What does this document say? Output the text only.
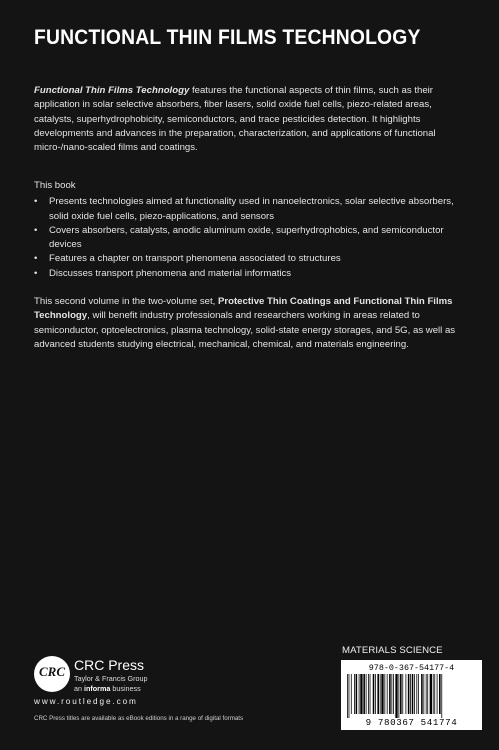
FUNCTIONAL THIN FILMS TECHNOLOGY
Functional Thin Films Technology features the functional aspects of thin films, such as their application in solar selective absorbers, fiber lasers, solid oxide fuel cells, piezo-related areas, catalysts, superhydrophobicity, semiconductors, and trace pesticides detection. It highlights developments and advances in the preparation, characterization, and applications of functional micro-/nano-scaled films and coatings.
This book
• Presents technologies aimed at functionality used in nanoelectronics, solar selective absorbers, solid oxide fuel cells, piezo-applications, and sensors
• Covers absorbers, catalysts, anodic aluminum oxide, superhydrophobics, and semiconductor devices
• Features a chapter on transport phenomena associated to structures
• Discusses transport phenomena and material informatics
This second volume in the two-volume set, Protective Thin Coatings and Functional Thin Films Technology, will benefit industry professionals and researchers working in areas related to semiconductor, optoelectronics, plasma technology, solid-state energy storages, and 5G, as well as advanced students studying electrical, mechanical, chemical, and materials engineering.
MATERIALS SCIENCE
978-0-367-54177-4
9 780367 541774
CRC CRC Press
Taylor & Francis Group
an informa business
www.routledge.com
CRC Press titles are available as eBook editions in a range of digital formats
